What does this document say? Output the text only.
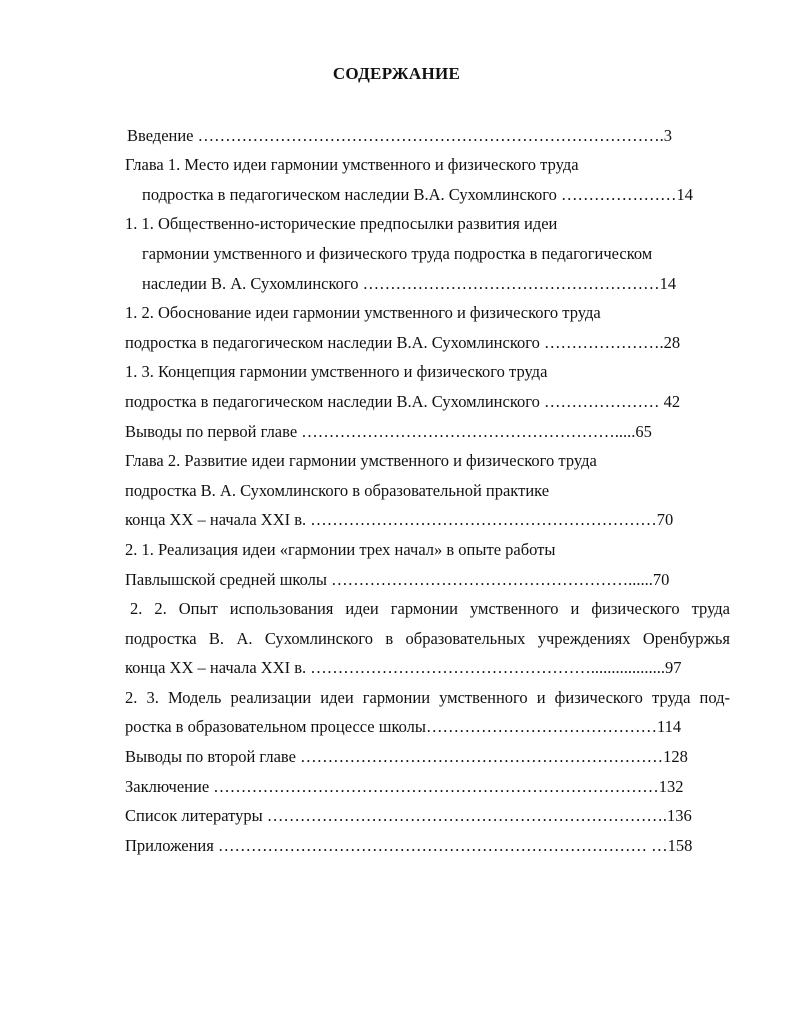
СОДЕРЖАНИЕ
Введение ………………………………………………………………………….3
Глава 1. Место идеи гармонии умственного и физического труда
подростка в педагогическом наследии В.А. Сухомлинского …………………14
1. 1. Общественно-исторические предпосылки развития идеи
гармонии умственного и физического труда подростка в педагогическом
наследии В. А. Сухомлинского ………………………………………………14
1. 2. Обоснование идеи гармонии умственного и физического труда
подростка в педагогическом наследии В.А. Сухомлинского ………………….28
1. 3. Концепция гармонии умственного и физического труда
подростка в педагогическом наследии В.А. Сухомлинского ………………… 42
Выводы по первой главе ………………………………………………….....65
Глава 2. Развитие идеи гармонии умственного и физического труда
подростка В. А. Сухомлинского в образовательной практике
конца XX – начала XXI в. ………………………………………………………70
2. 1. Реализация идеи «гармонии трех начал» в опыте работы
Павлышской средней школы ………………………………………………......70
2. 2. Опыт использования идеи гармонии умственного и физического труда
подростка В. А. Сухомлинского в образовательных учреждениях Оренбуржья
конца XX – начала XXI в. ……………………………………………..................97
2. 3. Модель реализации идеи гармонии умственного и физического труда под-
ростка в образовательном процессе школы……………………………………114
Выводы по второй главе …………………………………………………………128
Заключение ………………………………………………………………………132
Список литературы ……………………………………………………………….136
Приложения …………………………………………………………………… …158
